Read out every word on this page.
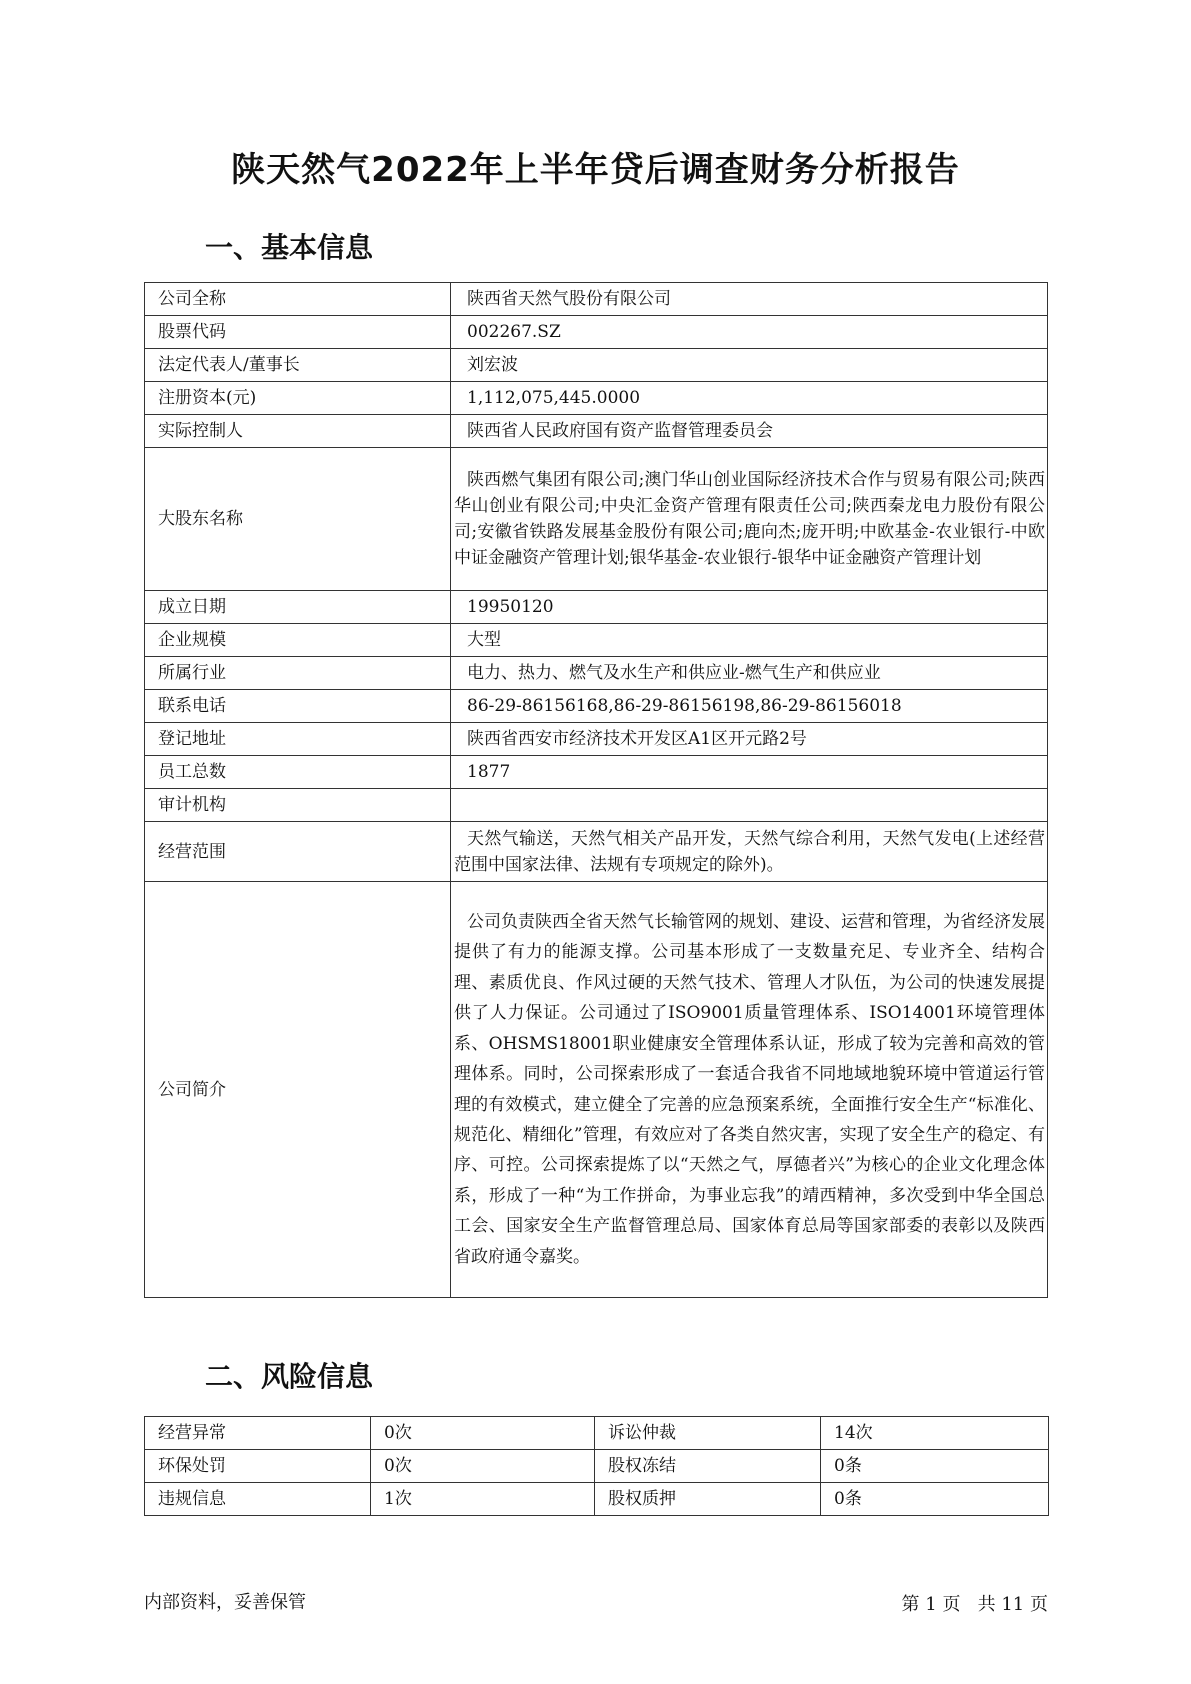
陕天然气2022年上半年贷后调查财务分析报告
一、基本信息
公司全称	陕西省天然气股份有限公司
股票代码	002267.SZ
法定代表人/董事长	刘宏波
注册资本(元)	1,112,075,445.0000
实际控制人	陕西省人民政府国有资产监督管理委员会
大股东名称	陕西燃气集团有限公司;澳门华山创业国际经济技术合作与贸易有限公司;陕西华山创业有限公司;中央汇金资产管理有限责任公司;陕西秦龙电力股份有限公司;安徽省铁路发展基金股份有限公司;鹿向杰;庞开明;中欧基金-农业银行-中欧中证金融资产管理计划;银华基金-农业银行-银华中证金融资产管理计划
成立日期	19950120
企业规模	大型
所属行业	电力、热力、燃气及水生产和供应业-燃气生产和供应业
联系电话	86-29-86156168,86-29-86156198,86-29-86156018
登记地址	陕西省西安市经济技术开发区A1区开元路2号
员工总数	1877
审计机构	
经营范围	天然气输送，天然气相关产品开发，天然气综合利用，天然气发电(上述经营范围中国家法律、法规有专项规定的除外)。
公司简介	公司负责陕西全省天然气长输管网的规划、建设、运营和管理，为省经济发展提供了有力的能源支撑。公司基本形成了一支数量充足、专业齐全、结构合理、素质优良、作风过硬的天然气技术、管理人才队伍，为公司的快速发展提供了人力保证。公司通过了ISO9001质量管理体系、ISO14001环境管理体系、OHSMS18001职业健康安全管理体系认证，形成了较为完善和高效的管理体系。同时，公司探索形成了一套适合我省不同地域地貌环境中管道运行管理的有效模式，建立健全了完善的应急预案系统，全面推行安全生产“标准化、规范化、精细化”管理，有效应对了各类自然灾害，实现了安全生产的稳定、有序、可控。公司探索提炼了以“天然之气，厚德者兴”为核心的企业文化理念体系，形成了一种“为工作拼命，为事业忘我”的靖西精神，多次受到中华全国总工会、国家安全生产监督管理总局、国家体育总局等国家部委的表彰以及陕西省政府通令嘉奖。
二、风险信息
经营异常	0次	诉讼仲裁	14次
环保处罚	0次	股权冻结	0条
违规信息	1次	股权质押	0条
内部资料，妥善保管	第 1 页 共 11 页
